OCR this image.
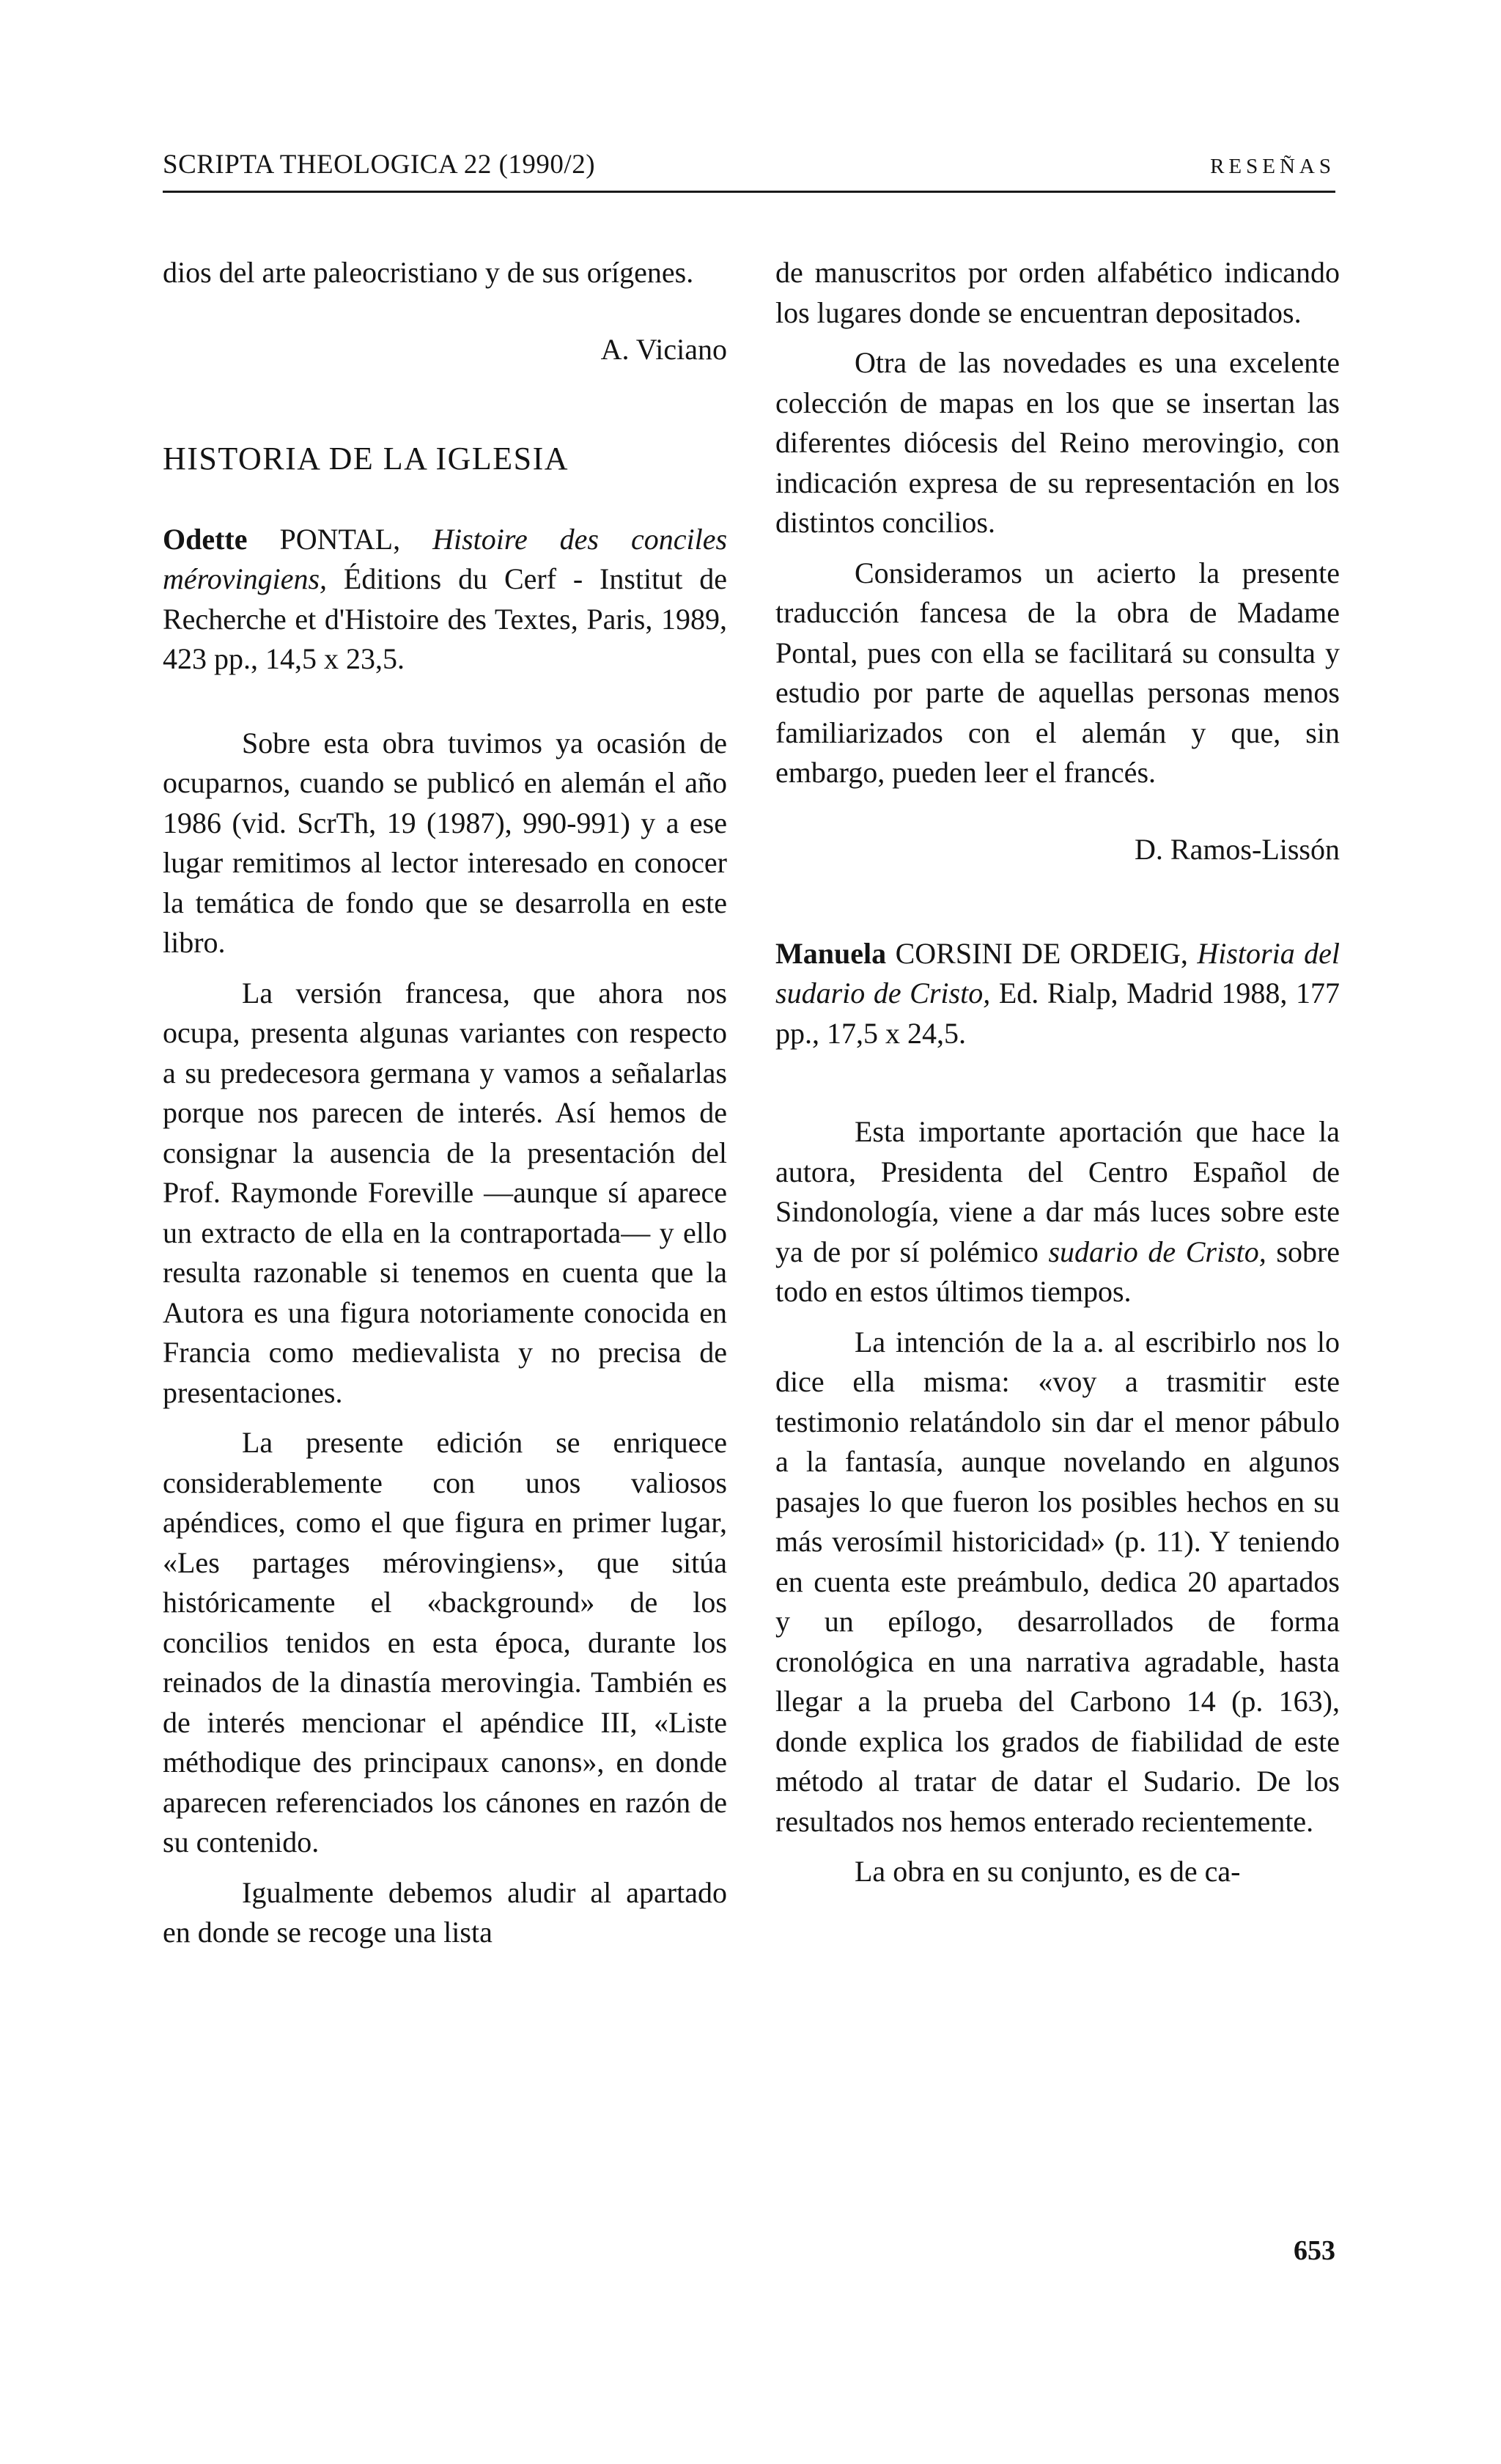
SCRIPTA THEOLOGICA 22 (1990/2)	RESEÑAS

dios del arte paleocristiano y de sus orígenes.

A. Viciano
HISTORIA DE LA IGLESIA
Odette PONTAL, Histoire des conciles mérovingiens, Éditions du Cerf - Institut de Recherche et d'Histoire des Textes, Paris, 1989, 423 pp., 14,5 x 23,5.

Sobre esta obra tuvimos ya ocasión de ocuparnos, cuando se publicó en alemán el año 1986 (vid. ScrTh, 19 (1987), 990-991) y a ese lugar remitimos al lector interesado en conocer la temática de fondo que se desarrolla en este libro.

La versión francesa, que ahora nos ocupa, presenta algunas variantes con respecto a su predecesora germana y vamos a señalarlas porque nos parecen de interés. Así hemos de consignar la ausencia de la presentación del Prof. Raymonde Foreville —aunque sí aparece un extracto de ella en la contraportada— y ello resulta razonable si tenemos en cuenta que la Autora es una figura notoriamente conocida en Francia como medievalista y no precisa de presentaciones.

La presente edición se enriquece considerablemente con unos valiosos apéndices, como el que figura en primer lugar, «Les partages mérovingiens», que sitúa históricamente el «background» de los concilios tenidos en esta época, durante los reinados de la dinastía merovingia. También es de interés mencionar el apéndice III, «Liste méthodique des principaux canons», en donde aparecen referenciados los cánones en razón de su contenido.

Igualmente debemos aludir al apartado en donde se recoge una lista

de manuscritos por orden alfabético indicando los lugares donde se encuentran depositados.

Otra de las novedades es una excelente colección de mapas en los que se insertan las diferentes diócesis del Reino merovingio, con indicación expresa de su representación en los distintos concilios.

Consideramos un acierto la presente traducción fancesa de la obra de Madame Pontal, pues con ella se facilitará su consulta y estudio por parte de aquellas personas menos familiarizados con el alemán y que, sin embargo, pueden leer el francés.

D. Ramos-Lissón
Manuela CORSINI DE ORDEIG, Historia del sudario de Cristo, Ed. Rialp, Madrid 1988, 177 pp., 17,5 x 24,5.

Esta importante aportación que hace la autora, Presidenta del Centro Español de Sindonología, viene a dar más luces sobre este ya de por sí polémico sudario de Cristo, sobre todo en estos últimos tiempos.

La intención de la a. al escribirlo nos lo dice ella misma: «voy a trasmitir este testimonio relatándolo sin dar el menor pábulo a la fantasía, aunque novelando en algunos pasajes lo que fueron los posibles hechos en su más verosímil historicidad» (p. 11). Y teniendo en cuenta este preámbulo, dedica 20 apartados y un epílogo, desarrollados de forma cronológica en una narrativa agradable, hasta llegar a la prueba del Carbono 14 (p. 163), donde explica los grados de fiabilidad de este método al tratar de datar el Sudario. De los resultados nos hemos enterado recientemente.

La obra en su conjunto, es de ca-

653
